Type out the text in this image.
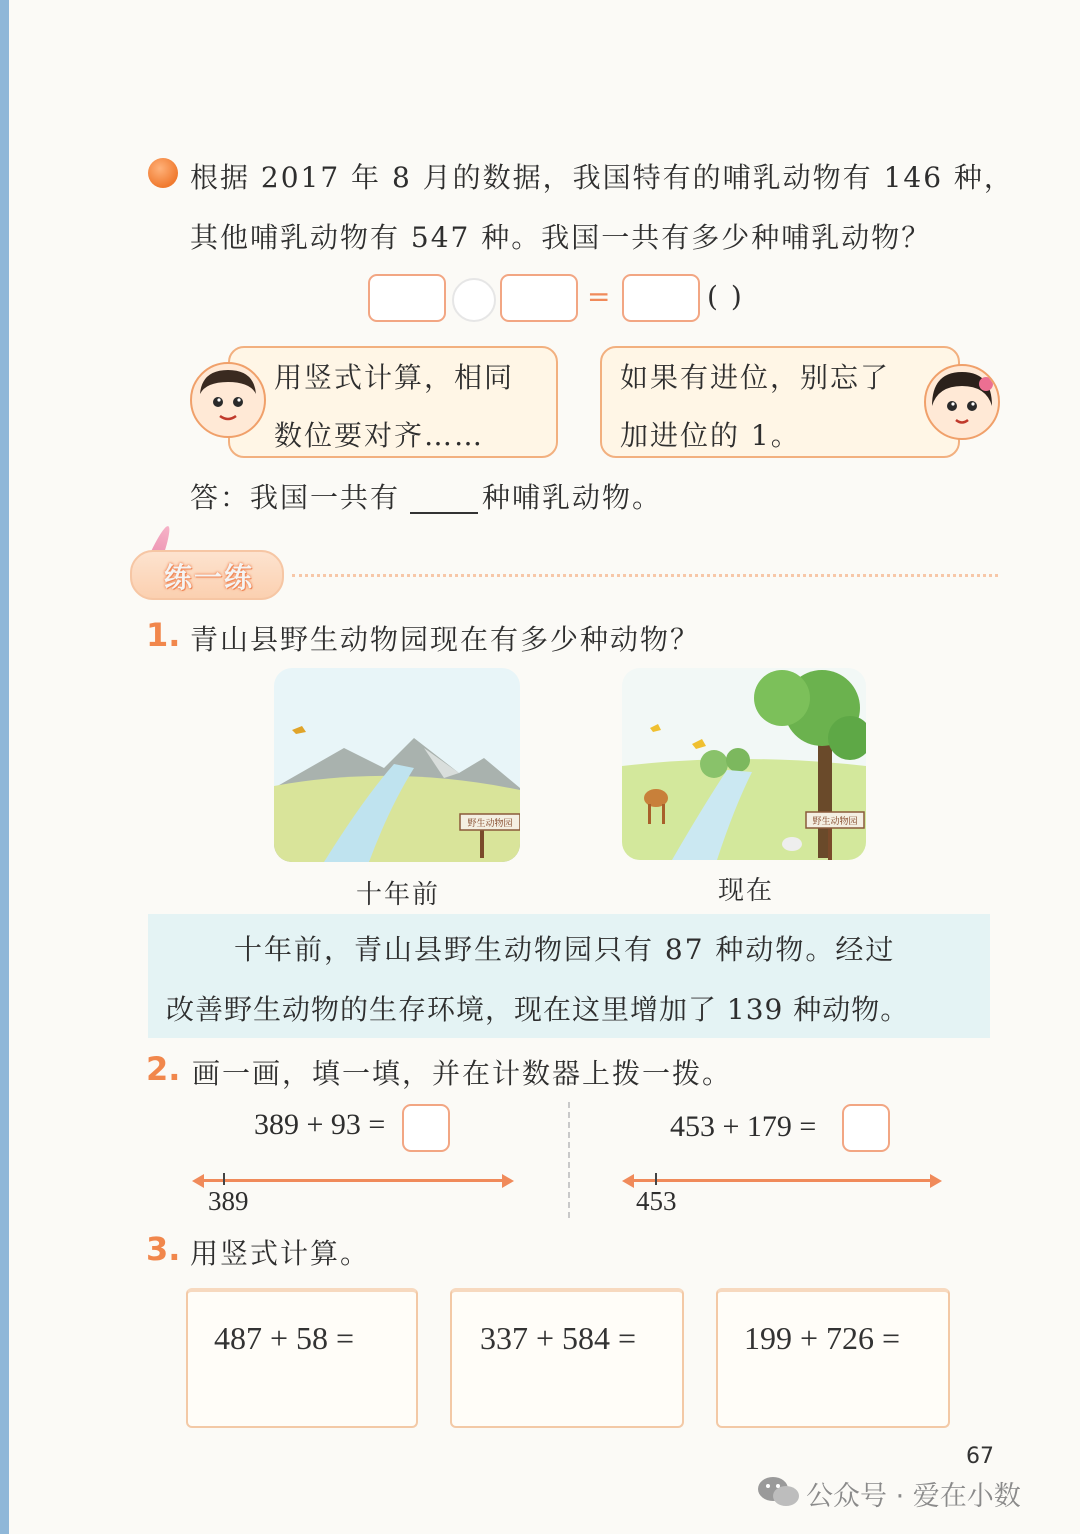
根据 2017 年 8 月的数据，我国特有的哺乳动物有 146 种，
其他哺乳动物有 547 种。我国一共有多少种哺乳动物？
=	( )
用竖式计算，相同
数位要对齐……
如果有进位，别忘了
加进位的 1。
答：我国一共有	种哺乳动物。
练一练
1. 青山县野生动物园现在有多少种动物？
野生动物园	野生动物园
十年前	现在
十年前，青山县野生动物园只有 87 种动物。经过
改善野生动物的生存环境，现在这里增加了 139 种动物。
2. 画一画，填一填，并在计数器上拨一拨。
389 + 93 =
389
453 + 179 =
453
3. 用竖式计算。
487 + 58 =	337 + 584 =	199 + 726 =
67
公众号 · 爱在小数
